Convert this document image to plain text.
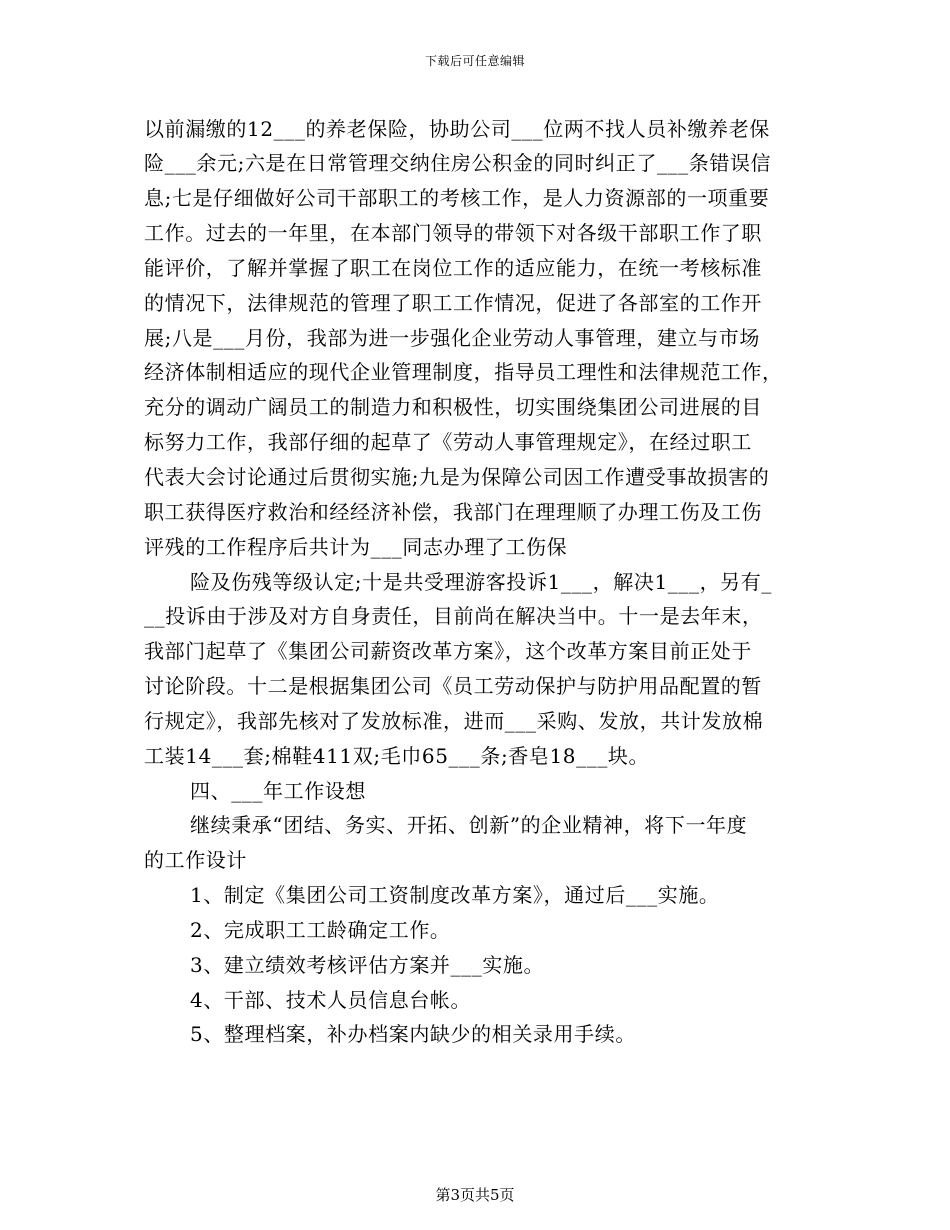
下载后可任意编辑
以前漏缴的12___的养老保险，协助公司___位两不找人员补缴养老保
险___余元;六是在日常管理交纳住房公积金的同时纠正了___条错误信
息;七是仔细做好公司干部职工的考核工作，是人力资源部的一项重要
工作。过去的一年里，在本部门领导的带领下对各级干部职工作了职
能评价，了解并掌握了职工在岗位工作的适应能力，在统一考核标准
的情况下，法律规范的管理了职工工作情况，促进了各部室的工作开
展;八是___月份，我部为进一步强化企业劳动人事管理，建立与市场
经济体制相适应的现代企业管理制度，指导员工理性和法律规范工作，
充分的调动广阔员工的制造力和积极性，切实围绕集团公司进展的目
标努力工作，我部仔细的起草了《劳动人事管理规定》，在经过职工
代表大会讨论通过后贯彻实施;九是为保障公司因工作遭受事故损害的
职工获得医疗救治和经经济补偿，我部门在理理顺了办理工伤及工伤
评残的工作程序后共计为___同志办理了工伤保
险及伤残等级认定;十是共受理游客投诉1___，解决1___，另有_
__投诉由于涉及对方自身责任，目前尚在解决当中。十一是去年末，
我部门起草了《集团公司薪资改革方案》，这个改革方案目前正处于
讨论阶段。十二是根据集团公司《员工劳动保护与防护用品配置的暂
行规定》，我部先核对了发放标准，进而___采购、发放，共计发放棉
工装14___套;棉鞋411双;毛巾65___条;香皂18___块。
四、___年工作设想
继续秉承“团结、务实、开拓、创新”的企业精神，将下一年度
的工作设计
1、制定《集团公司工资制度改革方案》，通过后___实施。
2、完成职工工龄确定工作。
3、建立绩效考核评估方案并___实施。
4、干部、技术人员信息台帐。
5、整理档案，补办档案内缺少的相关录用手续。
第3页共5页
